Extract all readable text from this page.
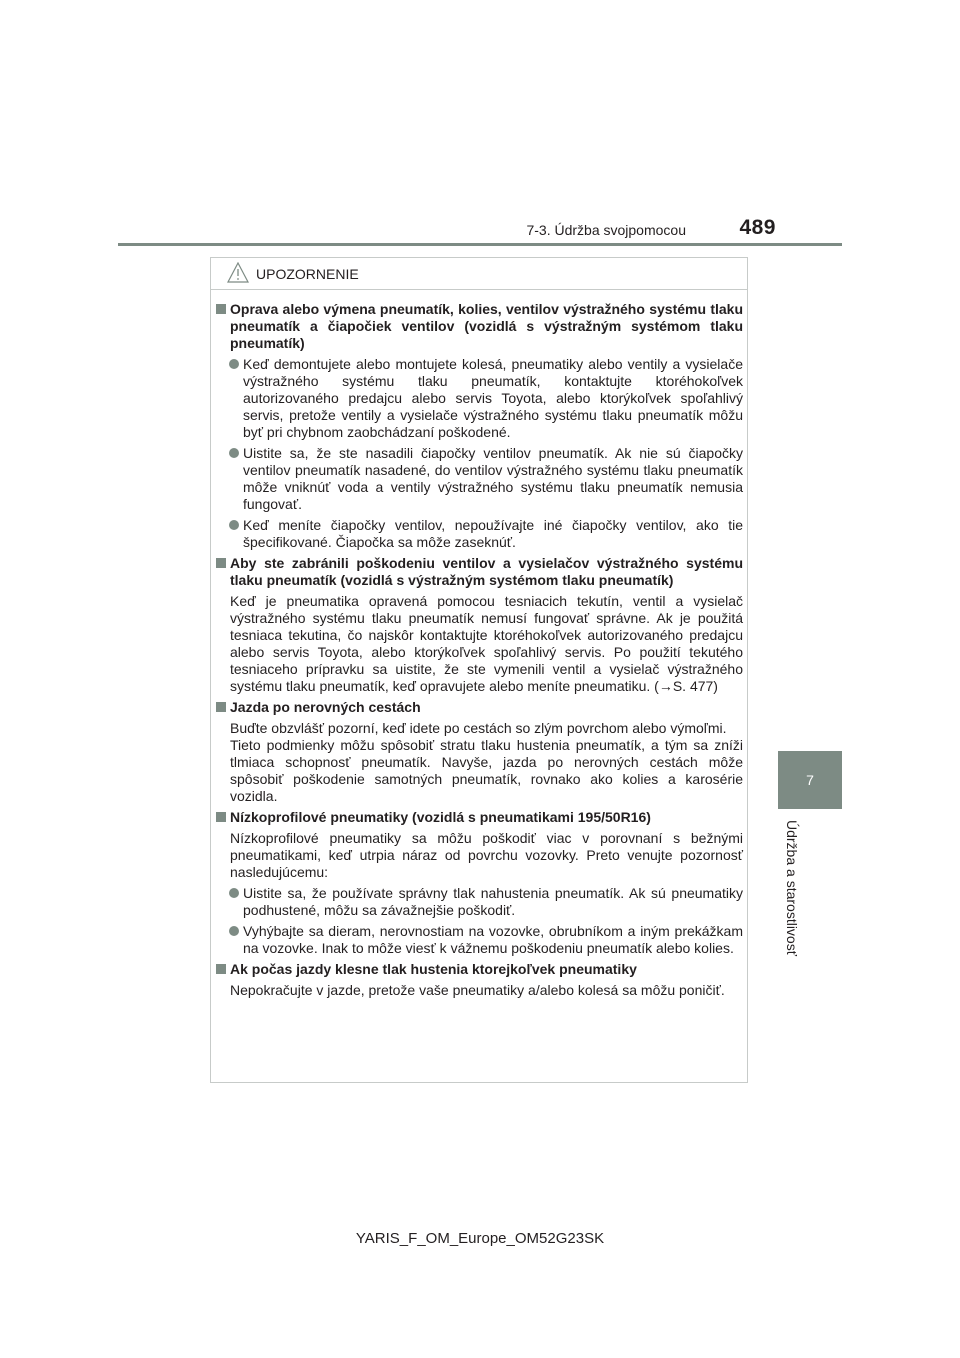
7-3. Údržba svojpomocou	489
7
Údržba a starostlivosť
UPOZORNENIE
Oprava alebo výmena pneumatík, kolies, ventilov výstražného systému tlaku pneumatík a čiapočiek ventilov (vozidlá s výstražným systémom tlaku pneumatík)
Keď demontujete alebo montujete kolesá, pneumatiky alebo ventily a vysielače výstražného systému tlaku pneumatík, kontaktujte ktoréhokoľvek autorizovaného predajcu alebo servis Toyota, alebo ktorýkoľvek spoľahlivý servis, pretože ventily a vysielače výstražného systému tlaku pneumatík môžu byť pri chybnom zaobchádzaní poškodené.
Uistite sa, že ste nasadili čiapočky ventilov pneumatík. Ak nie sú čiapočky ventilov pneumatík nasadené, do ventilov výstražného systému tlaku pneumatík môže vniknúť voda a ventily výstražného systému tlaku pneumatík nemusia fungovať.
Keď meníte čiapočky ventilov, nepoužívajte iné čiapočky ventilov, ako tie špecifikované. Čiapočka sa môže zaseknúť.
Aby ste zabránili poškodeniu ventilov a vysielačov výstražného systému tlaku pneumatík (vozidlá s výstražným systémom tlaku pneumatík)
Keď je pneumatika opravená pomocou tesniacich tekutín, ventil a vysielač výstražného systému tlaku pneumatík nemusí fungovať správne. Ak je použitá tesniaca tekutina, čo najskôr kontaktujte ktoréhokoľvek autorizovaného predajcu alebo servis Toyota, alebo ktorýkoľvek spoľahlivý servis. Po použití tekutého tesniaceho prípravku sa uistite, že ste vymenili ventil a vysielač výstražného systému tlaku pneumatík, keď opravujete alebo meníte pneumatiku. (→S. 477)
Jazda po nerovných cestách
Buďte obzvlášť pozorní, keď idete po cestách so zlým povrchom alebo výmoľmi.
Tieto podmienky môžu spôsobiť stratu tlaku hustenia pneumatík, a tým sa zníži tlmiaca schopnosť pneumatík. Navyše, jazda po nerovných cestách môže spôsobiť poškodenie samotných pneumatík, rovnako ako kolies a karosérie vozidla.
Nízkoprofilové pneumatiky (vozidlá s pneumatikami 195/50R16)
Nízkoprofilové pneumatiky sa môžu poškodiť viac v porovnaní s bežnými pneumatikami, keď utrpia náraz od povrchu vozovky. Preto venujte pozornosť nasledujúcemu:
Uistite sa, že používate správny tlak nahustenia pneumatík. Ak sú pneumatiky podhustené, môžu sa závažnejšie poškodiť.
Vyhýbajte sa dieram, nerovnostiam na vozovke, obrubníkom a iným prekážkam na vozovke. Inak to môže viesť k vážnemu poškodeniu pneumatík alebo kolies.
Ak počas jazdy klesne tlak hustenia ktorejkoľvek pneumatiky
Nepokračujte v jazde, pretože vaše pneumatiky a/alebo kolesá sa môžu poničiť.
YARIS_F_OM_Europe_OM52G23SK
